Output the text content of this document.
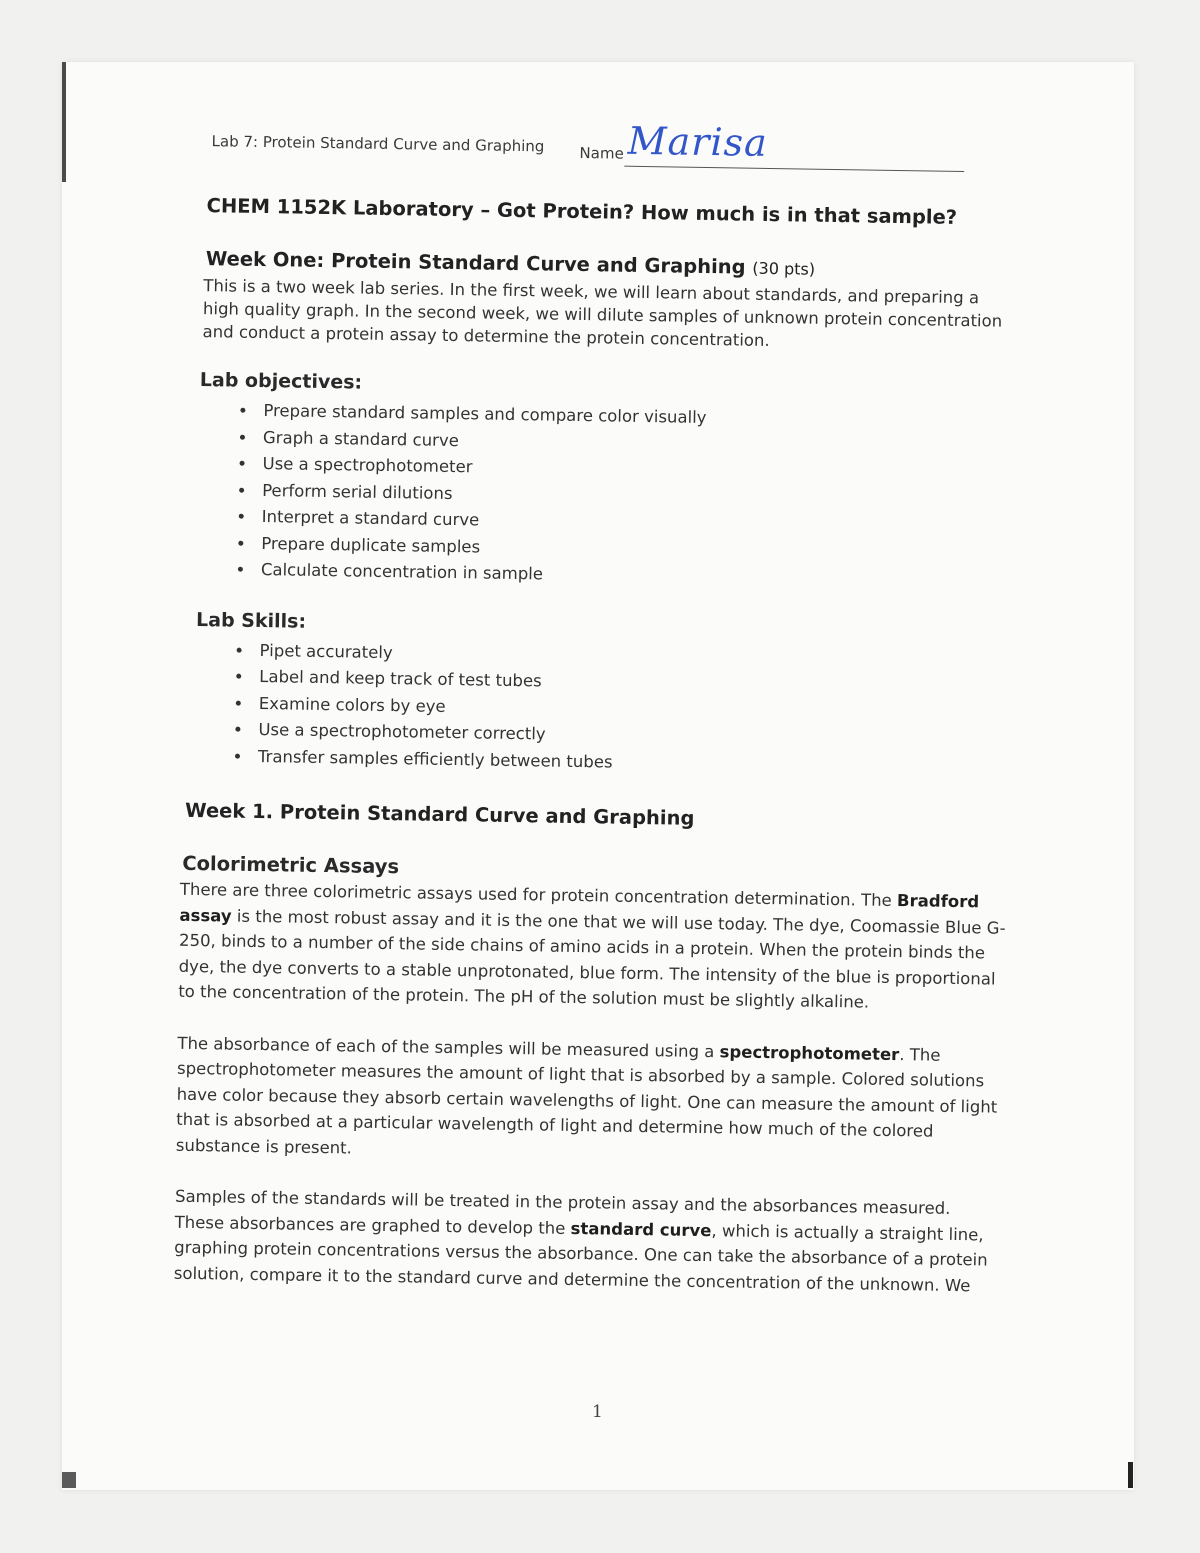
Lab 7: Protein Standard Curve and Graphing Name Marisa
CHEM 1152K Laboratory – Got Protein? How much is in that sample?
Week One: Protein Standard Curve and Graphing (30 pts)

This is a two week lab series. In the first week, we will learn about standards, and preparing a high quality graph. In the second week, we will dilute samples of unknown protein concentration and conduct a protein assay to determine the protein concentration.

Lab objectives:
• Prepare standard samples and compare color visually
• Graph a standard curve
• Use a spectrophotometer
• Perform serial dilutions
• Interpret a standard curve
• Prepare duplicate samples
• Calculate concentration in sample
Lab Skills:
• Pipet accurately
• Label and keep track of test tubes
• Examine colors by eye
• Use a spectrophotometer correctly
• Transfer samples efficiently between tubes
Week 1. Protein Standard Curve and Graphing
Colorimetric Assays

There are three colorimetric assays used for protein concentration determination. The Bradford assay is the most robust assay and it is the one that we will use today. The dye, Coomassie Blue G-250, binds to a number of the side chains of amino acids in a protein. When the protein binds the dye, the dye converts to a stable unprotonated, blue form. The intensity of the blue is proportional to the concentration of the protein. The pH of the solution must be slightly alkaline.

The absorbance of each of the samples will be measured using a spectrophotometer. The spectrophotometer measures the amount of light that is absorbed by a sample. Colored solutions have color because they absorb certain wavelengths of light. One can measure the amount of light that is absorbed at a particular wavelength of light and determine how much of the colored substance is present.

Samples of the standards will be treated in the protein assay and the absorbances measured. These absorbances are graphed to develop the standard curve, which is actually a straight line, graphing protein concentrations versus the absorbance. One can take the absorbance of a protein solution, compare it to the standard curve and determine the concentration of the unknown. We

1
